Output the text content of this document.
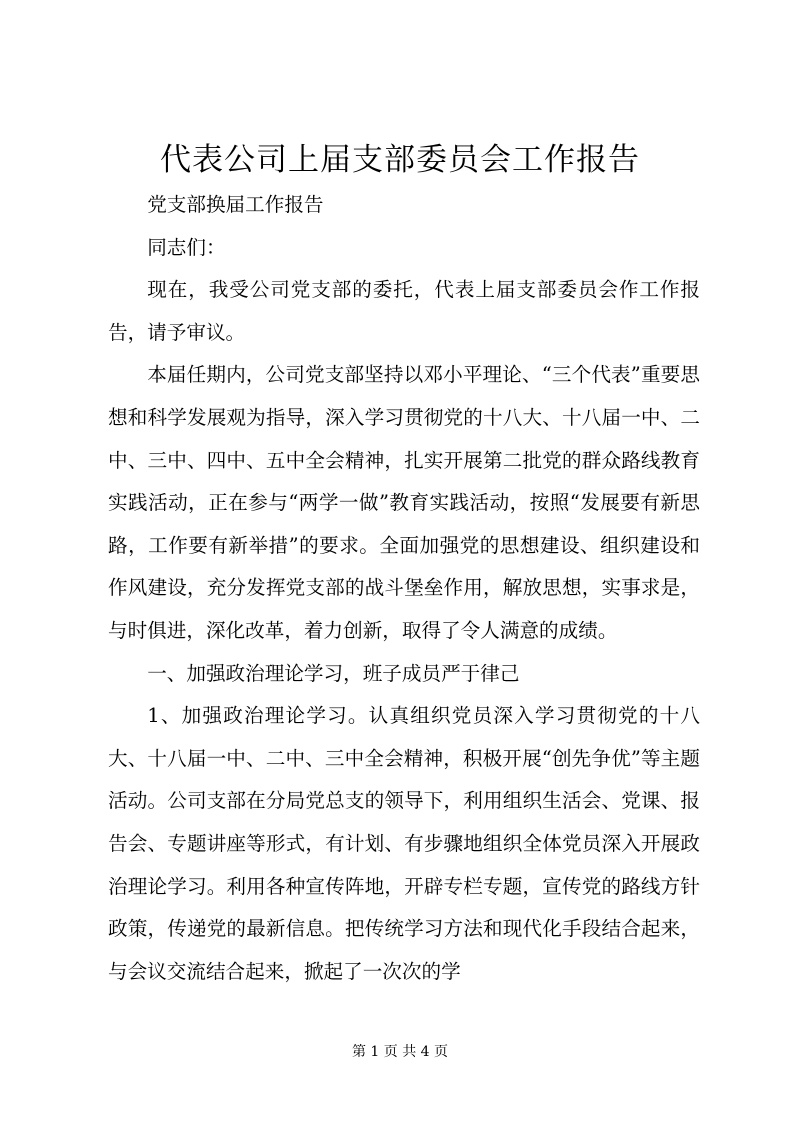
代表公司上届支部委员会工作报告

党支部换届工作报告

同志们：

现在，我受公司党支部的委托，代表上届支部委员会作工作报告，请予审议。

本届任期内，公司党支部坚持以邓小平理论、“三个代表”重要思想和科学发展观为指导，深入学习贯彻党的十八大、十八届一中、二中、三中、四中、五中全会精神，扎实开展第二批党的群众路线教育实践活动，正在参与“两学一做”教育实践活动，按照“发展要有新思路，工作要有新举措”的要求。全面加强党的思想建设、组织建设和作风建设，充分发挥党支部的战斗堡垒作用，解放思想，实事求是，与时俱进，深化改革，着力创新，取得了令人满意的成绩。

一、加强政治理论学习，班子成员严于律己

1、加强政治理论学习。认真组织党员深入学习贯彻党的十八大、十八届一中、二中、三中全会精神，积极开展“创先争优”等主题活动。公司支部在分局党总支的领导下，利用组织生活会、党课、报告会、专题讲座等形式，有计划、有步骤地组织全体党员深入开展政治理论学习。利用各种宣传阵地，开辟专栏专题，宣传党的路线方针政策，传递党的最新信息。把传统学习方法和现代化手段结合起来，与会议交流结合起来，掀起了一次次的学

第 1 页 共 4 页
